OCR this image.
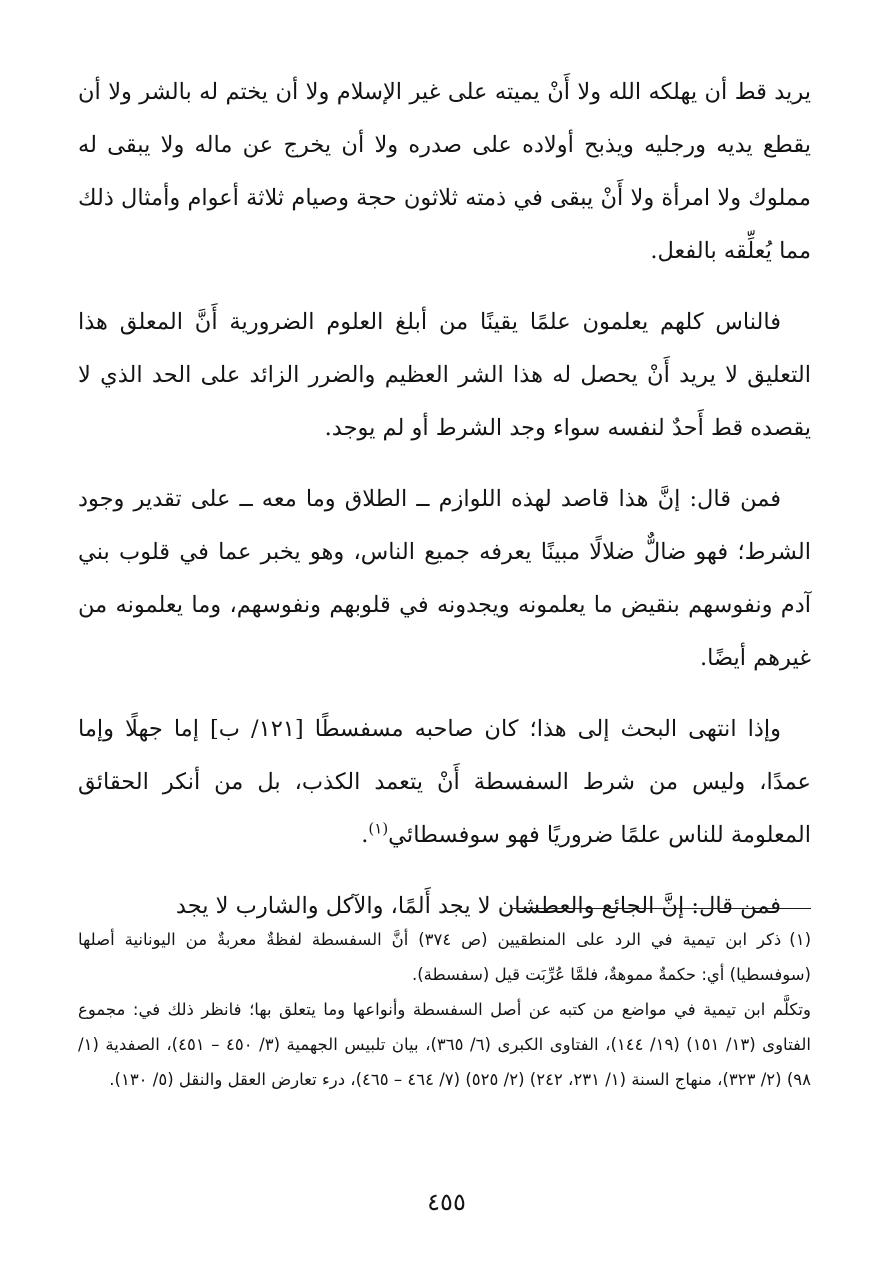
يريد قط أن يهلكه الله ولا أَنْ يميته على غير الإسلام ولا أن يختم له بالشر ولا أن يقطع يديه ورجليه ويذبح أولاده على صدره ولا أن يخرج عن ماله ولا يبقى له مملوك ولا امرأة ولا أَنْ يبقى في ذمته ثلاثون حجة وصيام ثلاثة أعوام وأمثال ذلك مما يُعلِّقه بالفعل.

فالناس كلهم يعلمون علمًا يقينًا من أبلغ العلوم الضرورية أَنَّ المعلق هذا التعليق لا يريد أَنْ يحصل له هذا الشر العظيم والضرر الزائد على الحد الذي لا يقصده قط أَحدٌ لنفسه سواء وجد الشرط أو لم يوجد.

فمن قال: إنَّ هذا قاصد لهذه اللوازم ــ الطلاق وما معه ــ على تقدير وجود الشرط؛ فهو ضالٌّ ضلالًا مبينًا يعرفه جميع الناس، وهو يخبر عما في قلوب بني آدم ونفوسهم بنقيض ما يعلمونه ويجدونه في قلوبهم ونفوسهم، وما يعلمونه من غيرهم أيضًا.

وإذا انتهى البحث إلى هذا؛ كان صاحبه مسفسطًا [١٢١/ ب] إما جهلًا وإما عمدًا، وليس من شرط السفسطة أَنْ يتعمد الكذب، بل من أنكر الحقائق المعلومة للناس علمًا ضروريًا فهو سوفسطائي$^{(١)}$.

فمن قال: إنَّ الجائع والعطشان لا يجد أَلمًا، والآكل والشارب لا يجد

(١)ذكر ابن تيمية في الرد على المنطقيين (ص ٣٧٤) أنَّ السفسطة لفظةٌ معربةٌ من اليونانية أصلها (سوفسطيا) أي: حكمةٌ مموهةٌ، فلمَّا عُرِّبَت قيل (سفسطة).

وتكلَّم ابن تيمية في مواضع من كتبه عن أصل السفسطة وأنواعها وما يتعلق بها؛ فانظر ذلك في: مجموع الفتاوى (١٣/ ١٥١) (١٩/ ١٤٤)، الفتاوى الكبرى (٦/ ٣٦٥)، بيان تلبيس الجهمية (٣/ ٤٥٠ – ٤٥١)، الصفدية (١/ ٩٨) (٢/ ٣٢٣)، منهاج السنة (١/ ٢٣١، ٢٤٢) (٢/ ٥٢٥) (٧/ ٤٦٤ – ٤٦٥)، درء تعارض العقل والنقل (٥/ ١٣٠).

٤٥٥
